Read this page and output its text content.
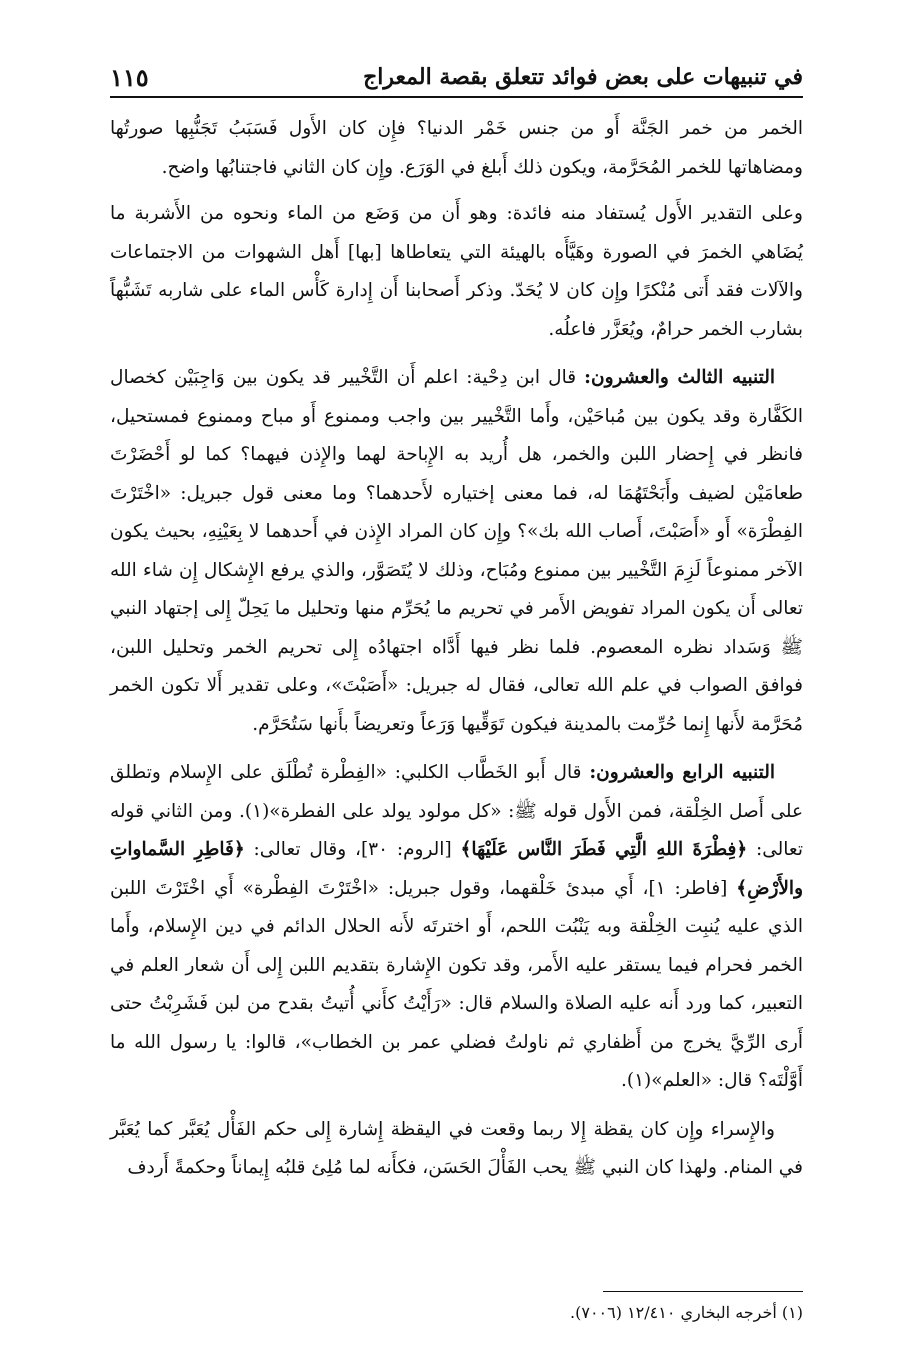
في تنبيهات على بعض فوائد تتعلق بقصة المعراج
١١٥

الخمر من خمر الجَنَّة أَو من جنس خَمْر الدنيا؟ فإِن كان الأَول فَسَبَبُ تَجَنُّبِها صورتُها ومضاهاتها للخمر المُحَرَّمة، ويكون ذلك أَبلغ في الوَرَع. وإِن كان الثاني فاجتنابُها واضح.

وعلى التقدير الأَول يُستفاد منه فائدة: وهو أَن من وَضَع من الماء ونحوه من الأَشربة ما يُضَاهي الخمرَ في الصورة وهَيَّأَه بالهيئة التي يتعاطاها [بها] أَهل الشهوات من الاجتماعات والآلات فقد أَتى مُنْكرًا وإِن كان لا يُحَدّ. وذكر أَصحابنا أَن إِدارة كَأْس الماء على شاربه تَشَبُّهاً بشارب الخمر حرامٌ، ويُعَزَّر فاعلُه.

التنبيه الثالث والعشرون: قال ابن دِحْية: اعلم أَن التَّخْيير قد يكون بين وَاجِبَيْن كخصال الكَفَّارة وقد يكون بين مُباحَيْن، وأَما التَّخْيير بين واجب وممنوع أَو مباح وممنوع فمستحيل، فانظر في إِحضار اللبن والخمر، هل أُريد به الإِباحة لهما والإِذن فيهما؟ كما لو أَحْضَرْتَ طعامَيْن لضيف وأَبَحْتَهُمَا له، فما معنى إختياره لأَحدهما؟ وما معنى قول جبريل: «اخْتَرْتَ الفِطْرَة» أَو «أَصَبْتَ، أَصاب الله بك»؟ وإِن كان المراد الإِذن في أَحدهما لا بِعَيْنِهِ، بحيث يكون الآخر ممنوعاً لَزِمَ التَّخْيير بين ممنوع ومُبَاح، وذلك لا يُتَصَوَّر، والذي يرفع الإِشكال إِن شاء الله تعالى أَن يكون المراد تفويض الأَمر في تحريم ما يُحَرِّم منها وتحليل ما يَحِلّ إِلى إجتهاد النبي ﷺ وَسَداد نظره المعصوم. فلما نظر فيها أَدَّاه اجتهادُه إِلى تحريم الخمر وتحليل اللبن، فوافق الصواب في علم الله تعالى، فقال له جبريل: «أَصَبْتَ»، وعلى تقدير أَلا تكون الخمر مُحَرَّمة لأَنها إِنما حُرِّمت بالمدينة فيكون تَوَقِّيها وَرَعاً وتعريضاً بأَنها سَتُحَرَّم.

التنبيه الرابع والعشرون: قال أَبو الخَطَّاب الكلبي: «الفِطْرة تُطْلَق على الإِسلام وتطلق على أَصل الخِلْقة، فمن الأَول قوله ﷺ: «كل مولود يولد على الفطرة»(١). ومن الثاني قوله تعالى: ﴿فِطْرَةَ اللهِ الَّتِي فَطَرَ النَّاس عَلَيْهَا﴾ [الروم: ٣٠]، وقال تعالى: ﴿فَاطِرِ السَّماواتِ والأَرْضِ﴾ [فاطر: ١]، أَي مبدئ خَلْقهما، وقول جبريل: «اخْتَرْتَ الفِطْرة» أَي اخْتَرْتَ اللبن الذي عليه يُنبِت الخِلْقة وبه يَنْبُت اللحم، أَو اخترتَه لأَنه الحلال الدائم في دين الإِسلام، وأَما الخمر فحرام فيما يستقر عليه الأَمر، وقد تكون الإِشارة بتقديم اللبن إِلى أَن شعار العلم في التعبير، كما ورد أَنه عليه الصلاة والسلام قال: «رَأَيْتُ كأَني أُتيتُ بقدح من لبن فَشَرِبْتُ حتى أَرى الرِّيَّ يخرج من أَظفاري ثم ناولتُ فضلي عمر بن الخطاب»، قالوا: يا رسول الله ما أَوَّلْتَه؟ قال: «العلم»(١).

والإِسراء وإِن كان يقظة إِلا ربما وقعت في اليقظة إِشارة إِلى حكم الفَأْل يُعَبَّر كما يُعَبَّر في المنام. ولهذا كان النبي ﷺ يحب الفَأْلَ الحَسَن، فكأَنه لما مُلِئ قلبُه إِيماناً وحكمةً أَردف

(١) أخرجه البخاري ١٢/٤١٠ (٧٠٠٦).
